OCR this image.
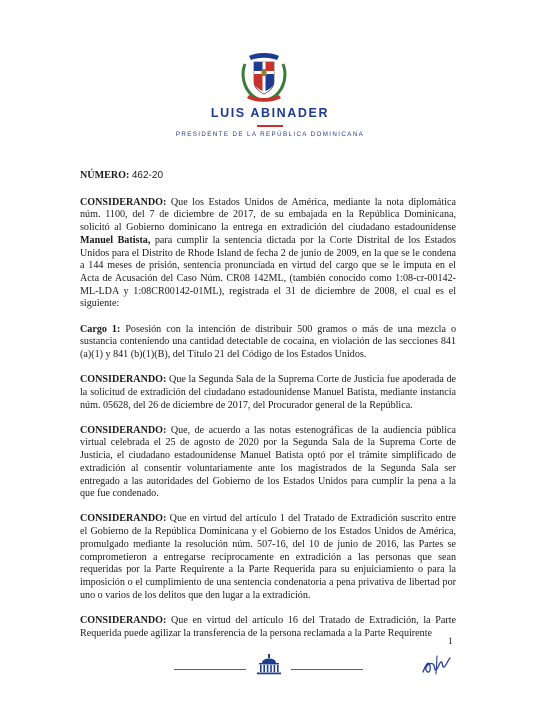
LUIS ABINADER
PRESIDENTE DE LA REPÚBLICA DOMINICANA

NÚMERO: 462-20

CONSIDERANDO: Que los Estados Unidos de América, mediante la nota diplomática núm. 1100, del 7 de diciembre de 2017, de su embajada en la República Dominicana, solicitó al Gobierno dominicano la entrega en extradición del ciudadano estadounidense Manuel Batista, para cumplir la sentencia dictada por la Corte Distrital de los Estados Unidos para el Distrito de Rhode Island de fecha 2 de junio de 2009, en la que se le condena a 144 meses de prisión, sentencia pronunciada en virtud del cargo que se le imputa en el Acta de Acusación del Caso Núm. CR08 142ML, (también conocido como 1:08-cr-00142-ML-LDA y 1:08CR00142-01ML), registrada el 31 de diciembre de 2008, el cual es el siguiente:

Cargo 1: Posesión con la intención de distribuir 500 gramos o más de una mezcla o sustancia conteniendo una cantidad detectable de cocaína, en violación de las secciones 841 (a)(1) y 841 (b)(1)(B), del Título 21 del Código de los Estados Unidos.

CONSIDERANDO: Que la Segunda Sala de la Suprema Corte de Justicia fue apoderada de la solicitud de extradición del ciudadano estadounidense Manuel Batista, mediante instancia núm. 05628, del 26 de diciembre de 2017, del Procurador general de la República.

CONSIDERANDO: Que, de acuerdo a las notas estenográficas de la audiencia pública virtual celebrada el 25 de agosto de 2020 por la Segunda Sala de la Suprema Corte de Justicia, el ciudadano estadounidense Manuel Batista optó por el trámite simplificado de extradición al consentir voluntariamente ante los magistrados de la Segunda Sala ser entregado a las autoridades del Gobierno de los Estados Unidos para cumplir la pena a la que fue condenado.

CONSIDERANDO: Que en virtud del artículo 1 del Tratado de Extradición suscrito entre el Gobierno de la República Dominicana y el Gobierno de los Estados Unidos de América, promulgado mediante la resolución núm. 507-16, del 10 de junio de 2016, las Partes se comprometieron a entregarse recíprocamente en extradición a las personas que sean requeridas por la Parte Requirente a la Parte Requerida para su enjuiciamiento o para la imposición o el cumplimiento de una sentencia condenatoria a pena privativa de libertad por uno o varios de los delitos que den lugar a la extradición.

CONSIDERANDO: Que en virtud del artículo 16 del Tratado de Extradición, la Parte Requerida puede agilizar la transferencia de la persona reclamada a la Parte Requirente

1
